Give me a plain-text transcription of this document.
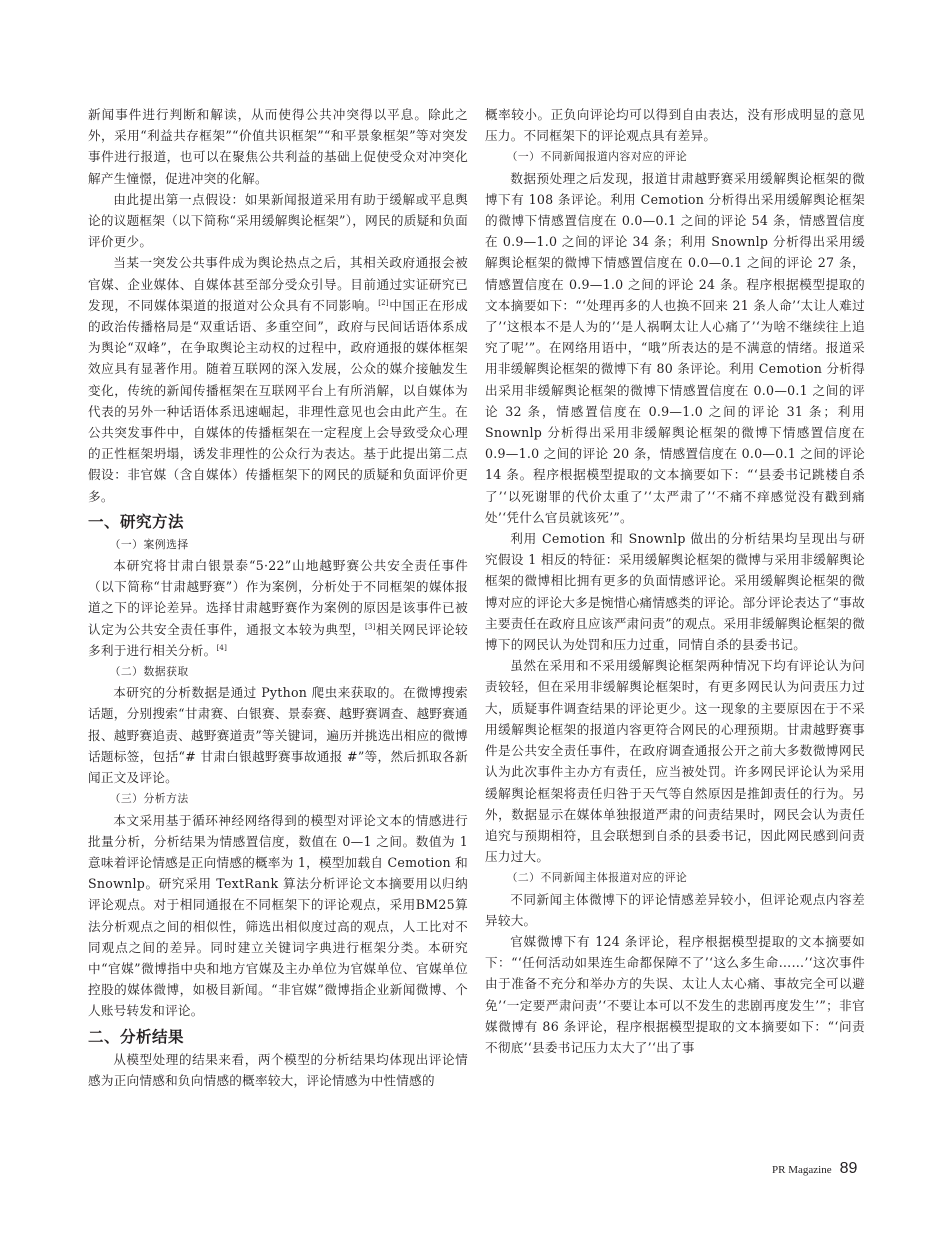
新闻事件进行判断和解读，从而使得公共冲突得以平息。除此之外，采用“利益共存框架”“价值共识框架”“和平景象框架”等对突发事件进行报道，也可以在聚焦公共利益的基础上促使受众对冲突化解产生憧憬，促进冲突的化解。

由此提出第一点假设：如果新闻报道采用有助于缓解或平息舆论的议题框架（以下简称“采用缓解舆论框架”），网民的质疑和负面评价更少。

当某一突发公共事件成为舆论热点之后，其相关政府通报会被官媒、企业媒体、自媒体甚至部分受众引导。目前通过实证研究已发现，不同媒体渠道的报道对公众具有不同影响。[2]中国正在形成的政治传播格局是“双重话语、多重空间”，政府与民间话语体系成为舆论“双峰”，在争取舆论主动权的过程中，政府通报的媒体框架效应具有显著作用。随着互联网的深入发展，公众的媒介接触发生变化，传统的新闻传播框架在互联网平台上有所消解，以自媒体为代表的另外一种话语体系迅速崛起，非理性意见也会由此产生。在公共突发事件中，自媒体的传播框架在一定程度上会导致受众心理的正性框架坍塌，诱发非理性的公众行为表达。基于此提出第二点假设：非官媒（含自媒体）传播框架下的网民的质疑和负面评价更多。

一、研究方法
（一）案例选择

本研究将甘肃白银景泰“5·22”山地越野赛公共安全责任事件（以下简称“甘肃越野赛”）作为案例，分析处于不同框架的媒体报道之下的评论差异。选择甘肃越野赛作为案例的原因是该事件已被认定为公共安全责任事件，通报文本较为典型，[3]相关网民评论较多利于进行相关分析。[4]

（二）数据获取

本研究的分析数据是通过 Python 爬虫来获取的。在微博搜索话题，分别搜索“甘肃赛、白银赛、景泰赛、越野赛调查、越野赛通报、越野赛追责、越野赛道责”等关键词，遍历并挑选出相应的微博话题标签，包括“# 甘肃白银越野赛事故通报 #”等，然后抓取各新闻正文及评论。

（三）分析方法

本文采用基于循环神经网络得到的模型对评论文本的情感进行批量分析，分析结果为情感置信度，数值在 0—1 之间。数值为 1 意味着评论情感是正向情感的概率为 1，模型加载自 Cemotion 和 Snownlp。研究采用 TextRank 算法分析评论文本摘要用以归纳评论观点。对于相同通报在不同框架下的评论观点，采用BM25算法分析观点之间的相似性，筛选出相似度过高的观点，人工比对不同观点之间的差异。同时建立关键词字典进行框架分类。本研究中“官媒”微博指中央和地方官媒及主办单位为官媒单位、官媒单位控股的媒体微博，如极目新闻。“非官媒”微博指企业新闻微博、个人账号转发和评论。

二、分析结果

从模型处理的结果来看，两个模型的分析结果均体现出评论情感为正向情感和负向情感的概率较大，评论情感为中性情感的

概率较小。正负向评论均可以得到自由表达，没有形成明显的意见压力。不同框架下的评论观点具有差异。

（一）不同新闻报道内容对应的评论

数据预处理之后发现，报道甘肃越野赛采用缓解舆论框架的微博下有 108 条评论。利用 Cemotion 分析得出采用缓解舆论框架的微博下情感置信度在 0.0—0.1 之间的评论 54 条，情感置信度在 0.9—1.0 之间的评论 34 条；利用 Snownlp 分析得出采用缓解舆论框架的微博下情感置信度在 0.0—0.1 之间的评论 27 条，情感置信度在 0.9—1.0 之间的评论 24 条。程序根据模型提取的文本摘要如下：“‘处理再多的人也换不回来 21 条人命’‘太让人难过了’‘这根本不是人为的’‘是人祸啊太让人心痛了’‘为啥不继续往上追究了呢’”。在网络用语中，“哦”所表达的是不满意的情绪。报道采用非缓解舆论框架的微博下有 80 条评论。利用 Cemotion 分析得出采用非缓解舆论框架的微博下情感置信度在 0.0—0.1 之间的评论 32 条，情感置信度在 0.9—1.0 之间的评论 31 条；利用 Snownlp 分析得出采用非缓解舆论框架的微博下情感置信度在 0.9—1.0 之间的评论 20 条，情感置信度在 0.0—0.1 之间的评论 14 条。程序根据模型提取的文本摘要如下：“‘县委书记跳楼自杀了’‘以死谢罪的代价太重了’‘太严肃了’‘不痛不痒感觉没有戳到痛处’‘凭什么官员就该死’”。

利用 Cemotion 和 Snownlp 做出的分析结果均呈现出与研究假设 1 相反的特征：采用缓解舆论框架的微博与采用非缓解舆论框架的微博相比拥有更多的负面情感评论。采用缓解舆论框架的微博对应的评论大多是惋惜心痛情感类的评论。部分评论表达了“事故主要责任在政府且应该严肃问责”的观点。采用非缓解舆论框架的微博下的网民认为处罚和压力过重，同情自杀的县委书记。

虽然在采用和不采用缓解舆论框架两种情况下均有评论认为问责较轻，但在采用非缓解舆论框架时，有更多网民认为问责压力过大，质疑事件调查结果的评论更少。这一现象的主要原因在于不采用缓解舆论框架的报道内容更符合网民的心理预期。甘肃越野赛事件是公共安全责任事件，在政府调查通报公开之前大多数微博网民认为此次事件主办方有责任，应当被处罚。许多网民评论认为采用缓解舆论框架将责任归咎于天气等自然原因是推卸责任的行为。另外，数据显示在媒体单独报道严肃的问责结果时，网民会认为责任追究与预期相符，且会联想到自杀的县委书记，因此网民感到问责压力过大。

（二）不同新闻主体报道对应的评论

不同新闻主体微博下的评论情感差异较小，但评论观点内容差异较大。

官媒微博下有 124 条评论，程序根据模型提取的文本摘要如下：“‘任何活动如果连生命都保障不了’‘这么多生命……’‘这次事件由于准备不充分和举办方的失误、太让人太心痛、事故完全可以避免’‘一定要严肃问责’‘不要让本可以不发生的悲剧再度发生’”；非官媒微博有 86 条评论，程序根据模型提取的文本摘要如下：“‘问责不彻底’‘县委书记压力太大了’‘出了事

PR Magazine 89
